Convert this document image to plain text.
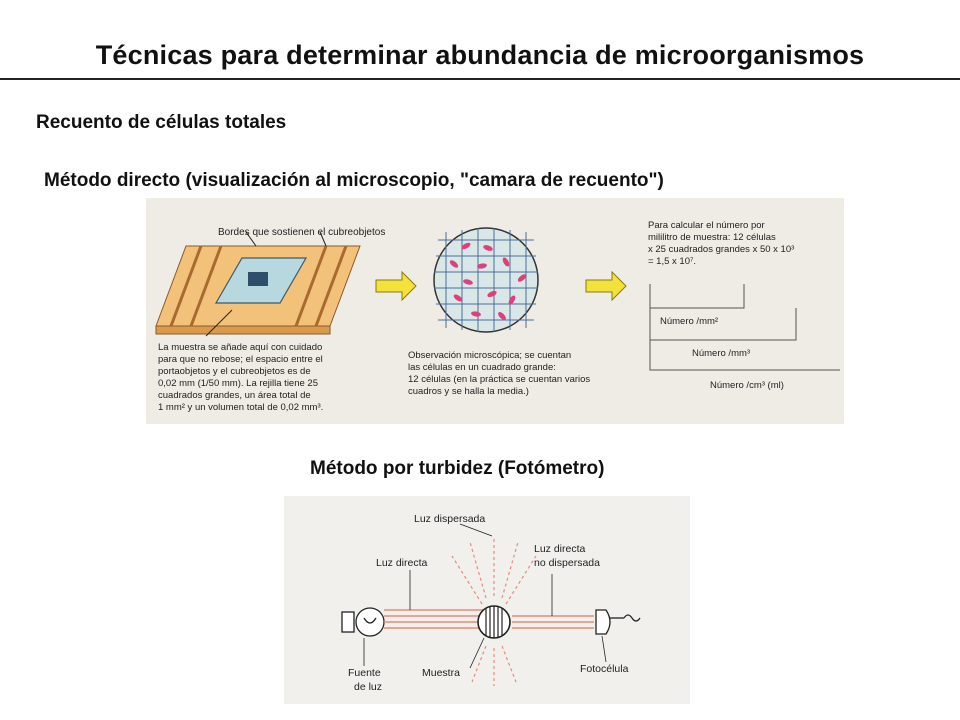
Técnicas para determinar abundancia de microorganismos
Recuento de células totales
Método directo (visualización al microscopio, "camara de recuento")
Bordes que sostienen el cubreobjetos
La muestra se añade aquí con cuidado
para que no rebose; el espacio entre el
portaobjetos y el cubreobjetos es de
0,02 mm (1/50 mm). La rejilla tiene 25
cuadrados grandes, un área total de
1 mm² y un volumen total de 0,02 mm³.
Observación microscópica; se cuentan
las células en un cuadrado grande:
12 células (en la práctica se cuentan varios
cuadros y se halla la media.)
Para calcular el número por
mililitro de muestra: 12 células
x 25 cuadrados grandes x 50 x 10³
= 1,5 x 10⁷.
Número /mm²
Número /mm³
Número /cm³ (ml)
Método por turbidez (Fotómetro)
Luz dispersada
Luz directa
Luz directa
no dispersada
Fuente
de luz
Muestra	Fotocélula
